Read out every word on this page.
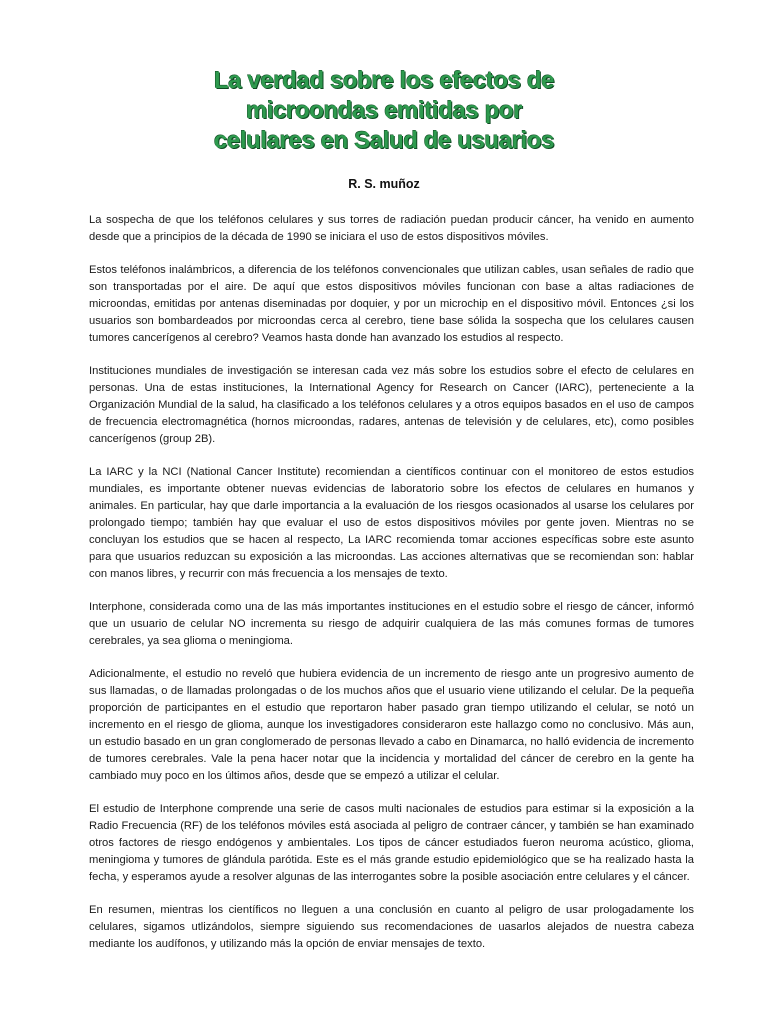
La verdad sobre los efectos de
microondas emitidas por
celulares en Salud de usuarios
R. S. muñoz

La sospecha de que los teléfonos celulares y sus torres de radiación puedan producir cáncer, ha venido en aumento desde que a principios de la década de 1990 se iniciara el uso de estos dispositivos móviles.

Estos teléfonos inalámbricos, a diferencia de los teléfonos convencionales que utilizan cables, usan señales de radio que son transportadas por el aire. De aquí que estos dispositivos móviles funcionan con base a altas radiaciones de microondas, emitidas por antenas diseminadas por doquier, y por un microchip en el dispositivo móvil. Entonces ¿si los usuarios son bombardeados por microondas cerca al cerebro, tiene base sólida la sospecha que los celulares causen tumores cancerígenos al cerebro? Veamos hasta donde han avanzado los estudios al respecto.

Instituciones mundiales de investigación se interesan cada vez más sobre los estudios sobre el efecto de celulares en personas. Una de estas instituciones, la International Agency for Research on Cancer (IARC), perteneciente a la Organización Mundial de la salud, ha clasificado a los teléfonos celulares y a otros equipos basados en el uso de campos de frecuencia electromagnética (hornos microondas, radares, antenas de televisión y de celulares, etc), como posibles cancerígenos (group 2B).

La IARC y la NCI (National Cancer Institute) recomiendan a científicos continuar con el monitoreo de estos estudios mundiales, es importante obtener nuevas evidencias de laboratorio sobre los efectos de celulares en humanos y animales. En particular, hay que darle importancia a la evaluación de los riesgos ocasionados al usarse los celulares por prolongado tiempo; también hay que evaluar el uso de estos dispositivos móviles por gente joven. Mientras no se concluyan los estudios que se hacen al respecto, La IARC recomienda tomar acciones específicas sobre este asunto para que usuarios reduzcan su exposición a las microondas. Las acciones alternativas que se recomiendan son: hablar con manos libres, y recurrir con más frecuencia a los mensajes de texto.

Interphone, considerada como una de las más importantes instituciones en el estudio sobre el riesgo de cáncer, informó que un usuario de celular NO incrementa su riesgo de adquirir cualquiera de las más comunes formas de tumores cerebrales, ya sea glioma o meningioma.

Adicionalmente, el estudio no reveló que hubiera evidencia de un incremento de riesgo ante un progresivo aumento de sus llamadas, o de llamadas prolongadas o de los muchos años que el usuario viene utilizando el celular. De la pequeña proporción de participantes en el estudio que reportaron haber pasado gran tiempo utilizando el celular, se notó un incremento en el riesgo de glioma, aunque los investigadores consideraron este hallazgo como no conclusivo. Más aun, un estudio basado en un gran conglomerado de personas llevado a cabo en Dinamarca, no halló evidencia de incremento de tumores cerebrales. Vale la pena hacer notar que la incidencia y mortalidad del cáncer de cerebro en la gente ha cambiado muy poco en los últimos años, desde que se empezó a utilizar el celular.

El estudio de Interphone comprende una serie de casos multi nacionales de estudios para estimar si la exposición a la Radio Frecuencia (RF) de los teléfonos móviles está asociada al peligro de contraer cáncer, y también se han examinado otros factores de riesgo endógenos y ambientales. Los tipos de cáncer estudiados fueron neuroma acústico, glioma, meningioma y tumores de glándula parótida. Este es el más grande estudio epidemiológico que se ha realizado hasta la fecha, y esperamos ayude a resolver algunas de las interrogantes sobre la posible asociación entre celulares y el cáncer.

En resumen, mientras los científicos no lleguen a una conclusión en cuanto al peligro de usar prologadamente los celulares, sigamos utlizándolos, siempre siguiendo sus recomendaciones de uasarlos alejados de nuestra cabeza mediante los audífonos, y utilizando más la opción de enviar mensajes de texto.
